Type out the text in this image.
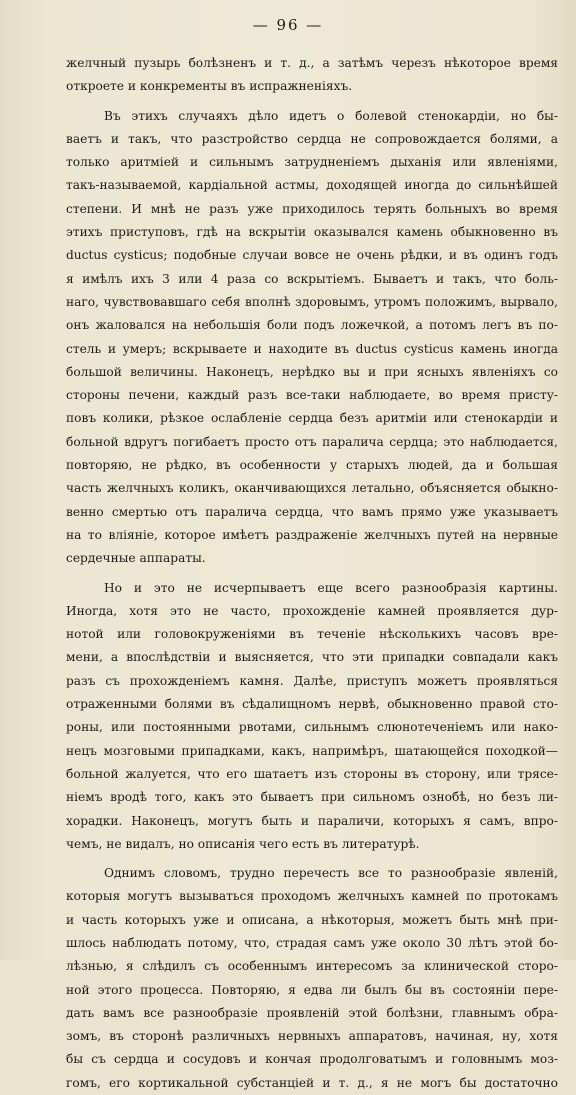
— 96 —
желчный пузырь болѣзненъ и т. д., а затѣмъ черезъ нѣкоторое время
откроете и конкременты въ испражненіяхъ.
Въ этихъ случаяхъ дѣло идетъ о болевой стенокардіи, но бы-
ваетъ и такъ, что разстройство сердца не сопровождается болями, а
только аритміей и сильнымъ затрудненіемъ дыханія или явленіями,
такъ-называемой, кардіальной астмы, доходящей иногда до сильнѣйшей
степени. И мнѣ не разъ уже приходилось терять больныхъ во время
этихъ приступовъ, гдѣ на вскрытіи оказывался камень обыкновенно въ
ductus cysticus; подобные случаи вовсе не очень рѣдки, и въ одинъ годъ
я имѣлъ ихъ 3 или 4 раза со вскрытіемъ. Бываетъ и такъ, что боль-
наго, чувствовавшаго себя вполнѣ здоровымъ, утромъ положимъ, вырвало,
онъ жаловался на небольшія боли подъ ложечкой, а потомъ легъ въ по-
стель и умеръ; вскрываете и находите въ ductus cysticus камень иногда
большой величины. Наконецъ, нерѣдко вы и при ясныхъ явленіяхъ со
стороны печени, каждый разъ все-таки наблюдаете, во время присту-
повъ колики, рѣзкое ослабленіе сердца безъ аритміи или стенокардіи и
больной вдругъ погибаетъ просто отъ паралича сердца; это наблюдается,
повторяю, не рѣдко, въ особенности у старыхъ людей, да и большая
часть желчныхъ коликъ, оканчивающихся летально, объясняется обыкно-
венно смертью отъ паралича сердца, что вамъ прямо уже указываетъ
на то вліяніе, которое имѣетъ раздраженіе желчныхъ путей на нервные
сердечные аппараты.
Но и это не исчерпываетъ еще всего разнообразія картины.
Иногда, хотя это не часто, прохожденіе камней проявляется дур-
нотой или головокруженіями въ теченіе нѣсколькихъ часовъ вре-
мени, а впослѣдствіи и выясняется, что эти припадки совпадали какъ
разъ съ прохожденіемъ камня. Далѣе, приступъ можетъ проявляться
отраженными болями въ сѣдалищномъ нервѣ, обыкновенно правой сто-
роны, или постоянными рвотами, сильнымъ слюнотеченіемъ или нако-
нецъ мозговыми припадками, какъ, напримѣръ, шатающейся походкой—
больной жалуется, что его шатаетъ изъ стороны въ сторону, или трясе-
ніемъ вродѣ того, какъ это бываетъ при сильномъ ознобѣ, но безъ ли-
хорадки. Наконецъ, могутъ быть и параличи, которыхъ я самъ, впро-
чемъ, не видалъ, но описанія чего есть въ литературѣ.
Однимъ словомъ, трудно перечесть все то разнообразіе явленій,
которыя могутъ вызываться проходомъ желчныхъ камней по протокамъ
и часть которыхъ уже и описана, а нѣкоторыя, можетъ быть мнѣ при-
шлось наблюдать потому, что, страдая самъ уже около 30 лѣтъ этой бо-
лѣзнью, я слѣдилъ съ особеннымъ интересомъ за клинической сторо-
ной этого процесса. Повторяю, я едва ли былъ бы въ состояніи пере-
дать вамъ все разнообразіе проявленій этой болѣзни, главнымъ обра-
зомъ, въ сторонѣ различныхъ нервныхъ аппаратовъ, начиная, ну, хотя
бы съ сердца и сосудовъ и кончая продолговатымъ и головнымъ моз-
гомъ, его кортикальной субстанціей и т. д., я не могъ бы достаточно
